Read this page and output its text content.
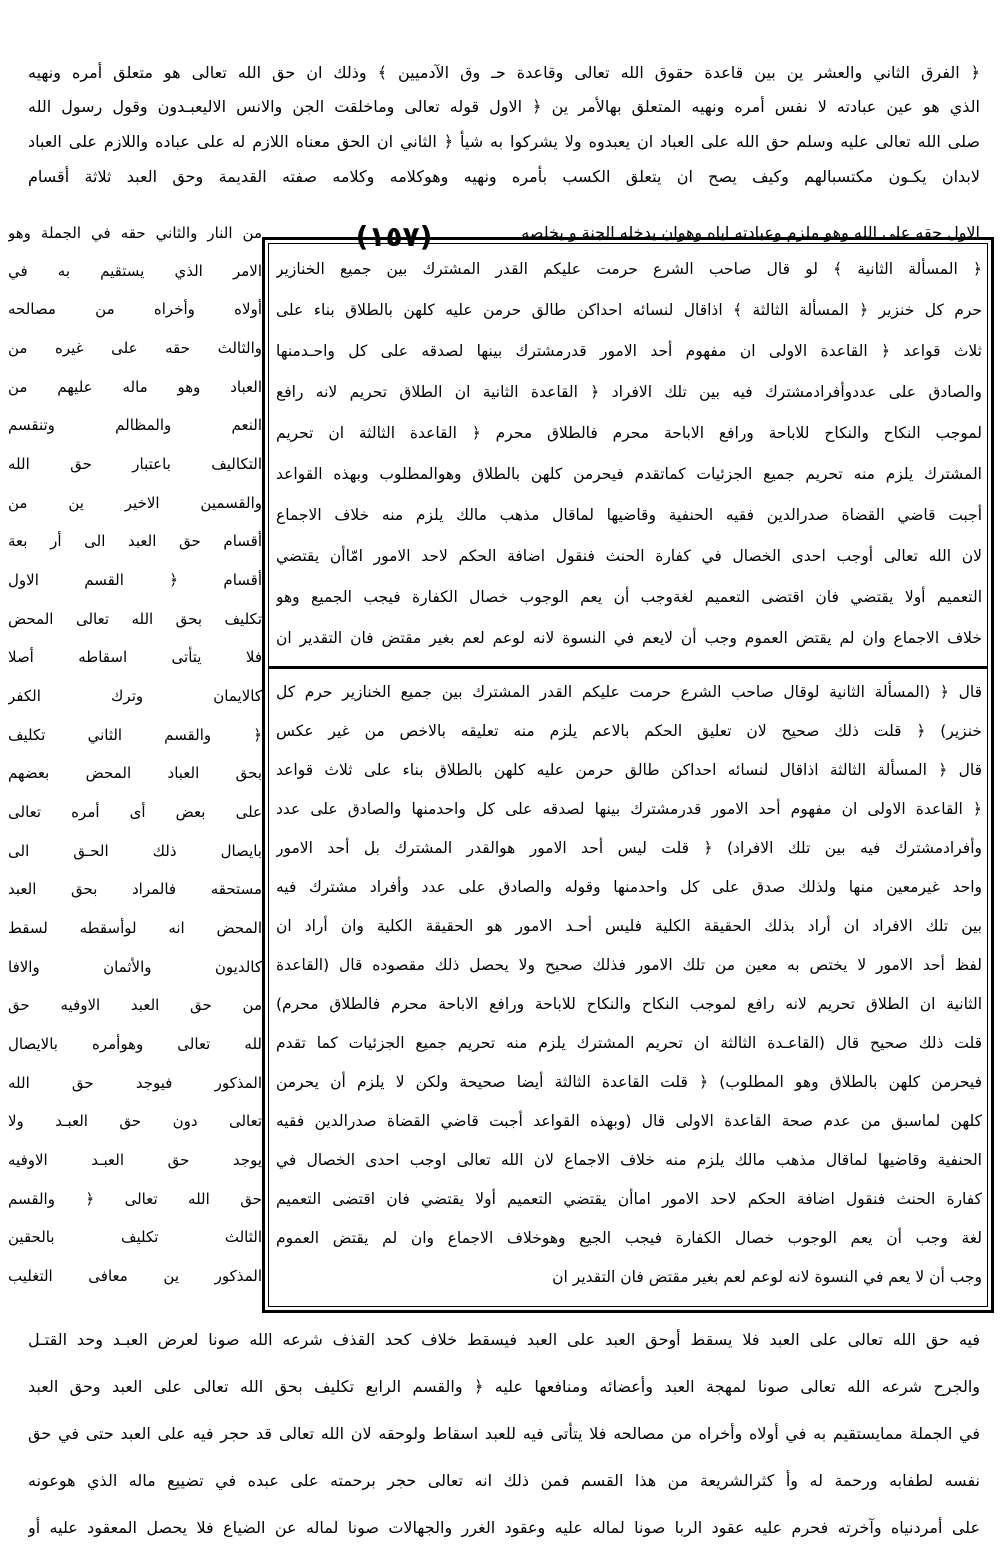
﴿ الفرق الثاني والعشر ين بين قاعدة حقوق الله تعالى وقاعدة حـ وق الآدميين ﴾ وذلك ان حق الله تعالى هو متعلق أمره ونهيه
الذي هو عين عبادته لا نفس أمره ونهيه المتعلق بهالأمر ين ﴿ الاول قوله تعالى وماخلقت الجن والانس الاليعبـدون وقول رسول الله
صلى الله تعالى عليه وسلم حق الله على العباد ان يعبدوه ولا يشركوا به شيأ ﴿ الثاني ان الحق معناه اللازم له على عباده واللازم على العباد
لابدان يكـون مكتسبالهم وكيف يصح ان يتعلق الكسب بأمره ونهيه وهوكلامه وكلامه صفته القديمة وحق العبد ثلاثة أقسام
الاول حقه على الله وهو ملزم وعبادته اياه وهوان يدخله الجنة و يخلصه
من النار والثاني حقه في الجملة وهو	(١٥٧)
الامر الذي يستقيم به في
أولاه وأخراه من مصالحه
والثالث حقه على غيره من
العباد وهو ماله عليهم من
النعم والمظالم وتنقسم
التكاليف باعتبار حق الله
والقسمين الاخير ين من
أقسام حق العبد الى أر بعة
أقسام ﴿ القسم الاول
تكليف بحق الله تعالى المحض
فلا يتأتى اسقاطه أصلا
كالايمان وترك الكفر
﴿ والقسم الثاني تكليف
بحق العباد المحض بعضهم
على بعض أى أمره تعالى
بايصال ذلك الحـق الى
مستحقه فالمراد بحق العبد
المحض انه لوأسقطه لسقط
كالديون والأثمان والافا
من حق العبد الاوفيه حق
لله تعالى وهوأمره بالايصال
المذكور فيوجد حق الله
تعالى دون حق العبـد ولا
يوجد حق العبـد الاوفيه
حق الله تعالى ﴿ والقسم
الثالث تكليف بالحقين
المذكور ين معافى التغليب
﴿ المسألة الثانية ﴾ لو قال صاحب الشرع حرمت عليكم القدر المشترك بين جميع الخنازير
حرم كل خنزير ﴿ المسألة الثالثة ﴾ اذاقال لنسائه احداكن طالق حرمن عليه كلهن بالطلاق بناء على
ثلاث قواعد ﴿ القاعدة الاولى ان مفهوم أحد الامور قدرمشترك بينها لصدقه على كل واحـدمنها
والصادق على عددوأفرادمشترك فيه بين تلك الافراد ﴿ القاعدة الثانية ان الطلاق تحريم لانه رافع
لموجب النكاح والنكاح للاباحة ورافع الاباحة محرم فالطلاق محرم ﴿ القاعدة الثالثة ان تحريم
المشترك يلزم منه تحريم جميع الجزئيات كماتقدم فيحرمن كلهن بالطلاق وهوالمطلوب وبهذه القواعد
أجبت قاضي القضاة صدرالدين فقيه الحنفية وقاضيها لماقال مذهب مالك يلزم منه خلاف الاجماع
لان الله تعالى أوجب احدى الخصال في كفارة الحنث فنقول اضافة الحكم لاحد الامور امّاأن يقتضي
التعميم أولا يقتضي فان اقتضى التعميم لغةوجب أن يعم الوجوب خصال الكفارة فيجب الجميع وهو
خلاف الاجماع وان لم يقتض العموم وجب أن لايعم في النسوة لانه لوعم لعم بغير مقتض فان التقدير ان
قال ﴿ (المسألة الثانية لوقال صاحب الشرع حرمت عليكم القدر المشترك بين جميع الخنازير حرم كل
خنزير) ﴿ قلت ذلك صحيح لان تعليق الحكم بالاعم يلزم منه تعليقه بالاخص من غير عكس
قال ﴿ المسألة الثالثة اذاقال لنسائه احداكن طالق حرمن عليه كلهن بالطلاق بناء على ثلاث قواعد
﴿ القاعدة الاولى ان مفهوم أحد الامور قدرمشترك بينها لصدقه على كل واحدمنها والصادق على عدد
وأفرادمشترك فيه بين تلك الافراد) ﴿ قلت ليس أحد الامور هوالقدر المشترك بل أحد الامور
واحد غيرمعين منها ولذلك صدق على كل واحدمنها وقوله والصادق على عدد وأفراد مشترك فيه
بين تلك الافراد ان أراد بذلك الحقيقة الكلية فليس أحـد الامور هو الحقيقة الكلية وان أراد ان
لفظ أحد الامور لا يختص به معين من تلك الامور فذلك صحيح ولا يحصل ذلك مقصوده قال (القاعدة
الثانية ان الطلاق تحريم لانه رافع لموجب النكاح والنكاح للاباحة ورافع الاباحة محرم فالطلاق محرم)
قلت ذلك صحيح قال (القاعـدة الثالثة ان تحريم المشترك يلزم منه تحريم جميع الجزئيات كما تقدم
فيحرمن كلهن بالطلاق وهو المطلوب) ﴿ قلت القاعدة الثالثة أيضا صحيحة ولكن لا يلزم أن يحرمن
كلهن لماسبق من عدم صحة القاعدة الاولى قال (وبهذه القواعد أجبت قاضي القضاة صدرالدين فقيه
الحنفية وقاضيها لماقال مذهب مالك يلزم منه خلاف الاجماع لان الله تعالى اوجب احدى الخصال في
كفارة الحنث فنقول اضافة الحكم لاحد الامور اماأن يقتضي التعميم أولا يقتضي فان اقتضى التعميم
لغة وجب أن يعم الوجوب خصال الكفارة فيجب الجيع وهوخلاف الاجماع وان لم يقتض العموم
وجب أن لا يعم في النسوة لانه لوعم لعم بغير مقتض فان التقدير ان
فيه حق الله تعالى على العبد فلا يسقط أوحق العبد على العبد فيسقط خلاف كحد القذف شرعه الله صونا لعرض العبـد وحد القتـل
والجرح شرعه الله تعالى صونا لمهجة العبد وأعضائه ومنافعها عليه ﴿ والقسم الرابع تكليف بحق الله تعالى على العبد وحق العبد
في الجملة ممايستقيم به في أولاه وأخراه من مصالحه فلا يتأتى فيه للعبد اسقاط ولوحقه لان الله تعالى قد حجر فيه على العبد حتى في حق
نفسه لطفابه ورحمة له وأ كثرالشريعة من هذا القسم فمن ذلك انه تعالى حجر برحمته على عبده في تضييع ماله الذي هوعونه
على أمردنياه وآخرته فحرم عليه عقود الربا صونا لماله عليه وعقود الغرر والجهالات صونا لماله عن الضياع فلا يحصل المعقود عليه أو
